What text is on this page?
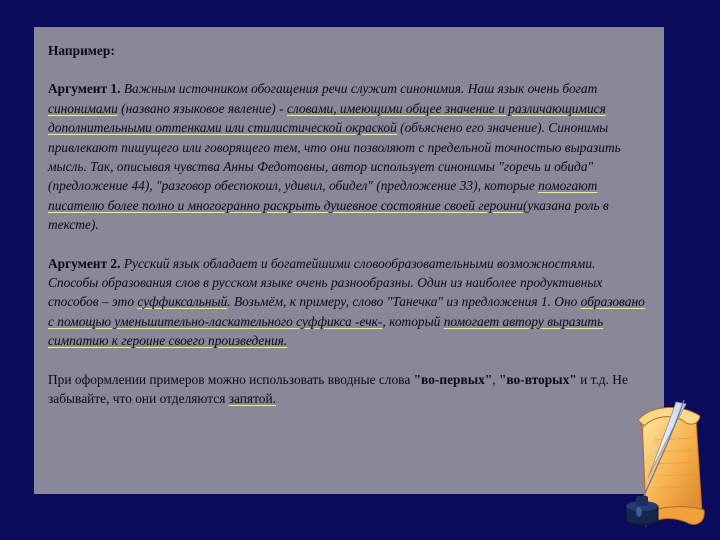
Например:

Аргумент 1. Важным источником обогащения речи служит синонимия. Наш язык очень богат синонимами (названо языковое явление) - словами, имеющими общее значение и различающимися дополнительными оттенками или стилистической окраской (объяснено его значение). Синонимы привлекают пишущего или говорящего тем, что они позволяют с предельной точностью выразить мысль. Так, описывая чувства Анны Федотовны, автор использует синонимы "горечь и обида" (предложение 44), "разговор обеспокоил, удивил, обидел" (предложение 33), которые помогают писателю более полно и многогранно раскрыть душевное состояние своей героини(указана роль в тексте).

Аргумент 2. Русский язык обладает и богатейшими словообразовательными возможностями. Способы образования слов в русском языке очень разнообразны. Один из наиболее продуктивных способов – это суффиксальный. Возьмём, к примеру, слово "Танечка" из предложения 1. Оно образовано с помощью уменьшительно-ласкательного суффикса -ечк-, который помогает автору выразить симпатию к героине своего произведения.

При оформлении примеров можно использовать вводные слова "во-первых", "во-вторых" и т.д. Не забывайте, что они отделяются запятой.
